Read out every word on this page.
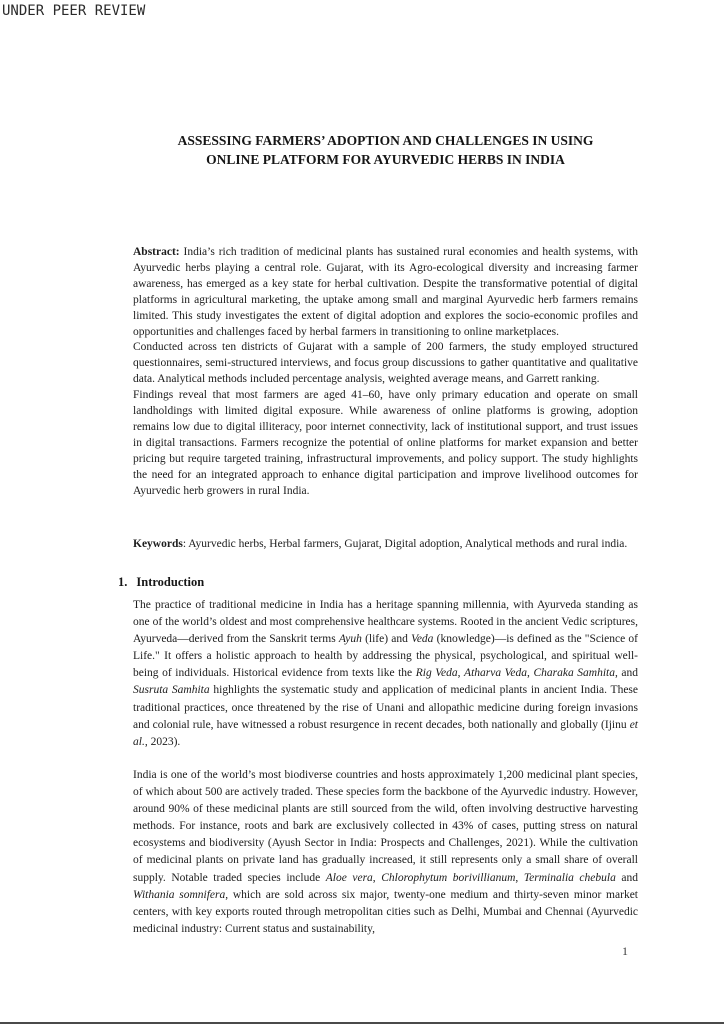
UNDER PEER REVIEW
ASSESSING FARMERS’ ADOPTION AND CHALLENGES IN USING
ONLINE PLATFORM FOR AYURVEDIC HERBS IN INDIA

Abstract: India’s rich tradition of medicinal plants has sustained rural economies and health systems, with Ayurvedic herbs playing a central role. Gujarat, with its Agro-ecological diversity and increasing farmer awareness, has emerged as a key state for herbal cultivation. Despite the transformative potential of digital platforms in agricultural marketing, the uptake among small and marginal Ayurvedic herb farmers remains limited. This study investigates the extent of digital adoption and explores the socio-economic profiles and opportunities and challenges faced by herbal farmers in transitioning to online marketplaces.

Conducted across ten districts of Gujarat with a sample of 200 farmers, the study employed structured questionnaires, semi-structured interviews, and focus group discussions to gather quantitative and qualitative data. Analytical methods included percentage analysis, weighted average means, and Garrett ranking.

Findings reveal that most farmers are aged 41–60, have only primary education and operate on small landholdings with limited digital exposure. While awareness of online platforms is growing, adoption remains low due to digital illiteracy, poor internet connectivity, lack of institutional support, and trust issues in digital transactions. Farmers recognize the potential of online platforms for market expansion and better pricing but require targeted training, infrastructural improvements, and policy support. The study highlights the need for an integrated approach to enhance digital participation and improve livelihood outcomes for Ayurvedic herb growers in rural India.

Keywords: Ayurvedic herbs, Herbal farmers, Gujarat, Digital adoption, Analytical methods and rural india.

1. Introduction

The practice of traditional medicine in India has a heritage spanning millennia, with Ayurveda standing as one of the world’s oldest and most comprehensive healthcare systems. Rooted in the ancient Vedic scriptures, Ayurveda—derived from the Sanskrit terms Ayuh (life) and Veda (knowledge)—is defined as the "Science of Life." It offers a holistic approach to health by addressing the physical, psychological, and spiritual well-being of individuals. Historical evidence from texts like the Rig Veda, Atharva Veda, Charaka Samhita, and Susruta Samhita highlights the systematic study and application of medicinal plants in ancient India. These traditional practices, once threatened by the rise of Unani and allopathic medicine during foreign invasions and colonial rule, have witnessed a robust resurgence in recent decades, both nationally and globally (Ijinu et al., 2023).

India is one of the world’s most biodiverse countries and hosts approximately 1,200 medicinal plant species, of which about 500 are actively traded. These species form the backbone of the Ayurvedic industry. However, around 90% of these medicinal plants are still sourced from the wild, often involving destructive harvesting methods. For instance, roots and bark are exclusively collected in 43% of cases, putting stress on natural ecosystems and biodiversity (Ayush Sector in India: Prospects and Challenges, 2021). While the cultivation of medicinal plants on private land has gradually increased, it still represents only a small share of overall supply. Notable traded species include Aloe vera, Chlorophytum borivillianum, Terminalia chebula and Withania somnifera, which are sold across six major, twenty-one medium and thirty-seven minor market centers, with key exports routed through metropolitan cities such as Delhi, Mumbai and Chennai (Ayurvedic medicinal industry: Current status and sustainability,

1
